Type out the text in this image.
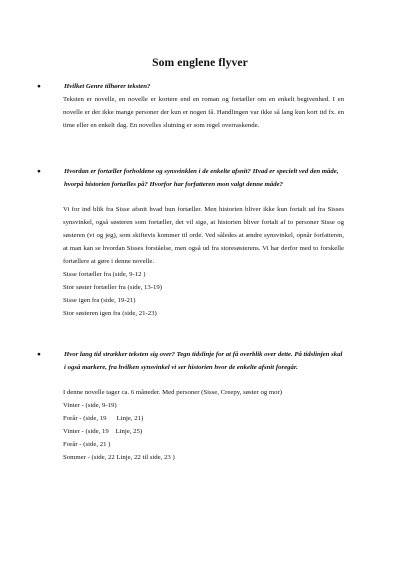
Som englene flyver
●	Hvilket Genre tilhører teksten?
Teksten er novelle, en novelle er kortere end en roman og fortæller om en enkelt begivenhed. I en novelle er der ikke mange personer der kun er nogen få. Handlingen var ikke så lang kun kort tid fx. en time eller en enkelt dag. En novelles slutning er som regel overraskende.
●	Hvordan er fortæller forholdene og synsvinklen i de enkelte afsnit? Hvad er specielt ved den måde, hvorpå historien fortælles på? Hvorfor har forfatteren mon valgt denne måde?
Vi for ind blik fra Sisse afsnit hvad hun fortæller. Men historien bliver ikke kun fortalt ud fra Sisses synsvinkel, også søsteren som fortæller, det vil sige, at historien bliver fortalt af to personer Sisse og søsteren (vi og jeg), som skiftevis kommer til orde. Ved således at ændre synsvinkel, opnår forfatteren, at man kan se hvordan Sisses forståelse, men også ud fra storesøsterens. Vi har derfor med to forskelle fortællere at gøre i denne novelle.
Sisse fortæller fra (side, 9-12 )
Stor søster fortæller fra (side, 13-19)
Sisse igen fra (side, 19-21)
Stor søsteren igen fra (side, 21-23)
●	Hvor lang tid strækker teksten sig over? Tegn tidslinje for at få overblik over dette. På tidslinjen skal i også markere, fra hvilken synsvinkel vi ser historien hvor de enkelte afsnit foregår.
I denne novelle tager ca. 6 måneder. Med personer (Sisse, Creepy, søster og mor)
Vinter - (side, 9-19)
Forår - (side, 19      Linje, 21)
Vinter - (side, 19    Linje, 25)
Forår - (side, 21 )
Sommer - (side, 22 Linje, 22 til side, 23 )
